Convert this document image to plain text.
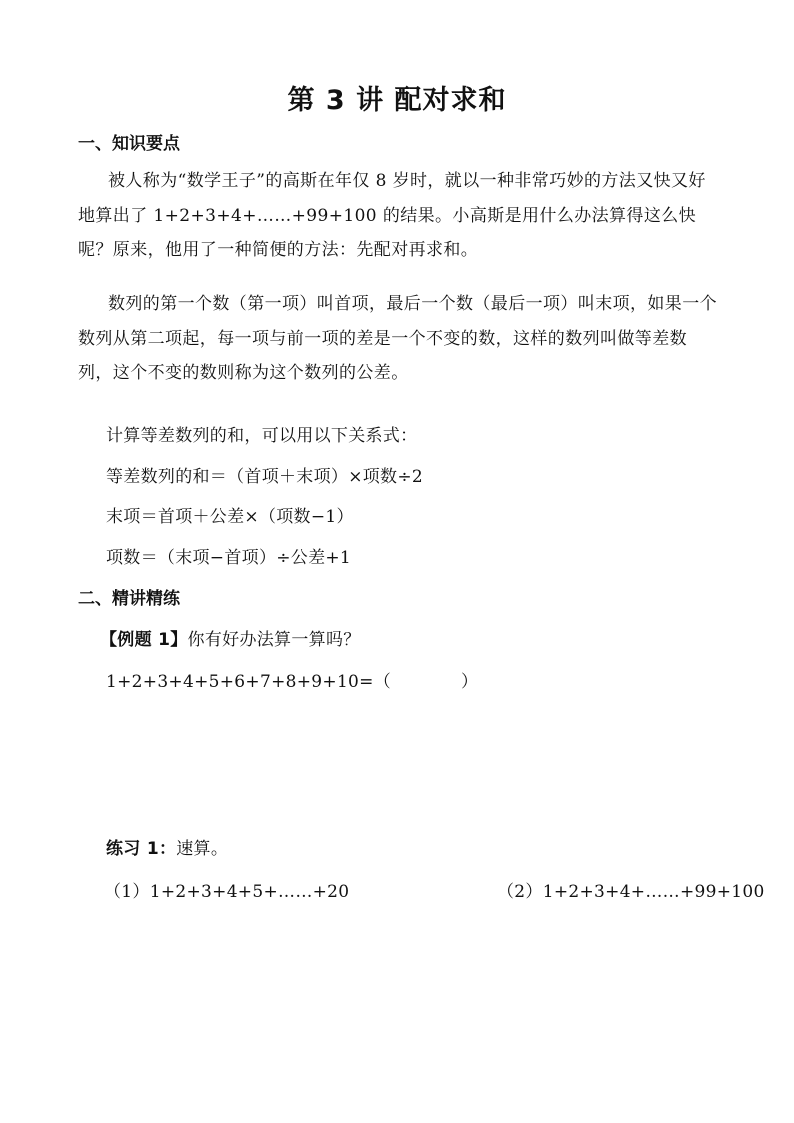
第 3 讲 配对求和
一、知识要点
被人称为“数学王子”的高斯在年仅 8 岁时，就以一种非常巧妙的方法又快又好地算出了 1+2+3+4+……+99+100 的结果。小高斯是用什么办法算得这么快呢？原来，他用了一种简便的方法：先配对再求和。
数列的第一个数（第一项）叫首项，最后一个数（最后一项）叫末项，如果一个数列从第二项起，每一项与前一项的差是一个不变的数，这样的数列叫做等差数列，这个不变的数则称为这个数列的公差。
计算等差数列的和，可以用以下关系式：
等差数列的和＝（首项＋末项）×项数÷2
末项＝首项＋公差×（项数−1）
项数＝（末项−首项）÷公差+1
二、精讲精练
【例题 1】你有好办法算一算吗？
1+2+3+4+5+6+7+8+9+10=（	）
练习 1：速算。
（1）1+2+3+4+5+……+20	（2）1+2+3+4+……+99+100
